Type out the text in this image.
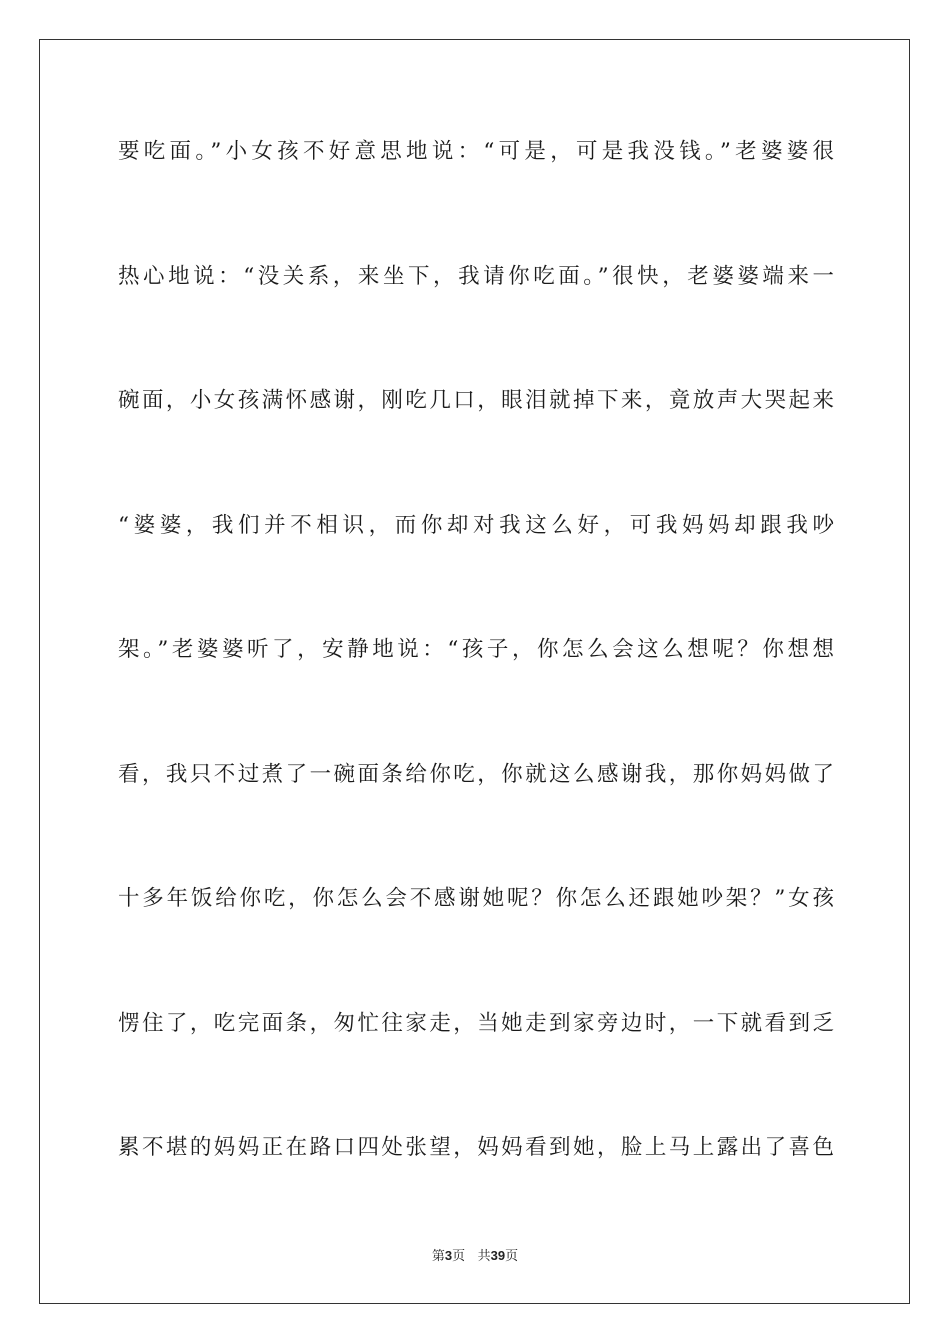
要吃面。”小女孩不好意思地说：“可是，可是我没钱。”老婆婆很
热心地说：“没关系，来坐下，我请你吃面。”很快，老婆婆端来一
碗面，小女孩满怀感谢，刚吃几口，眼泪就掉下来，竟放声大哭起来
“婆婆，我们并不相识，而你却对我这么好，可我妈妈却跟我吵
架。”老婆婆听了，安静地说：“孩子，你怎么会这么想呢？你想想
看，我只不过煮了一碗面条给你吃，你就这么感谢我，那你妈妈做了
十多年饭给你吃，你怎么会不感谢她呢？你怎么还跟她吵架？”女孩
愣住了，吃完面条，匆忙往家走，当她走到家旁边时，一下就看到乏
累不堪的妈妈正在路口四处张望，妈妈看到她，脸上马上露出了喜色
第3页 共39页
